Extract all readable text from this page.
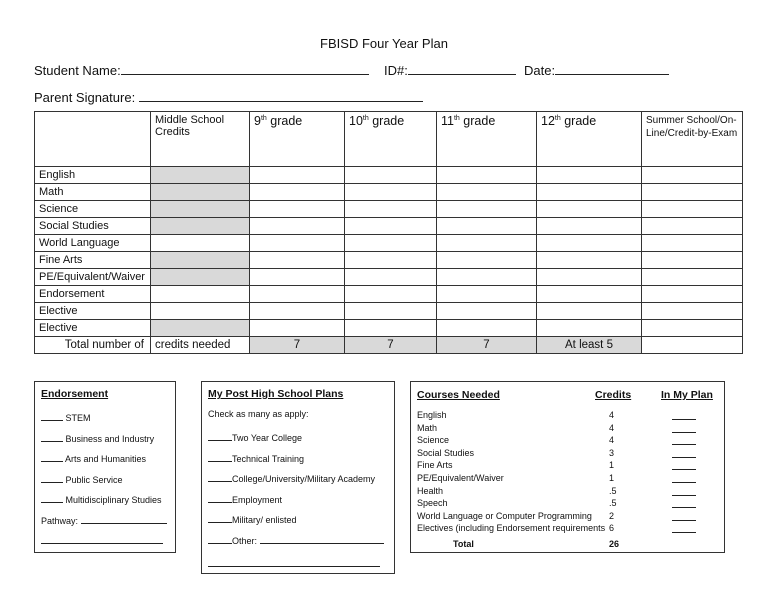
FBISD Four Year Plan
Student Name:	ID#:	Date:
Parent Signature:
	Middle School Credits	9th grade	10th grade	11th grade	12th grade	Summer School/On-Line/Credit-by-Exam
English						
Math						
Science						
Social Studies						
World Language						
Fine Arts						
PE/Equivalent/Waiver						
Endorsement						
Elective						
Elective						
Total number of	credits needed	7	7	7	At least 5	
Endorsement
STEM
Business and Industry
Arts and Humanities
Public Service
Multidisciplinary Studies
Pathway:
My Post High School Plans
Check as many as apply:
Two Year College
Technical Training
College/University/Military Academy
Employment
Military/ enlisted
Other:
Courses Needed	Credits	In My Plan
English	4
Math	4
Science	4
Social Studies	3
Fine Arts	1
PE/Equivalent/Waiver	1
Health	.5
Speech	.5
World Language or Computer Programming 2
Electives (including Endorsement requirements 6
Total	26
